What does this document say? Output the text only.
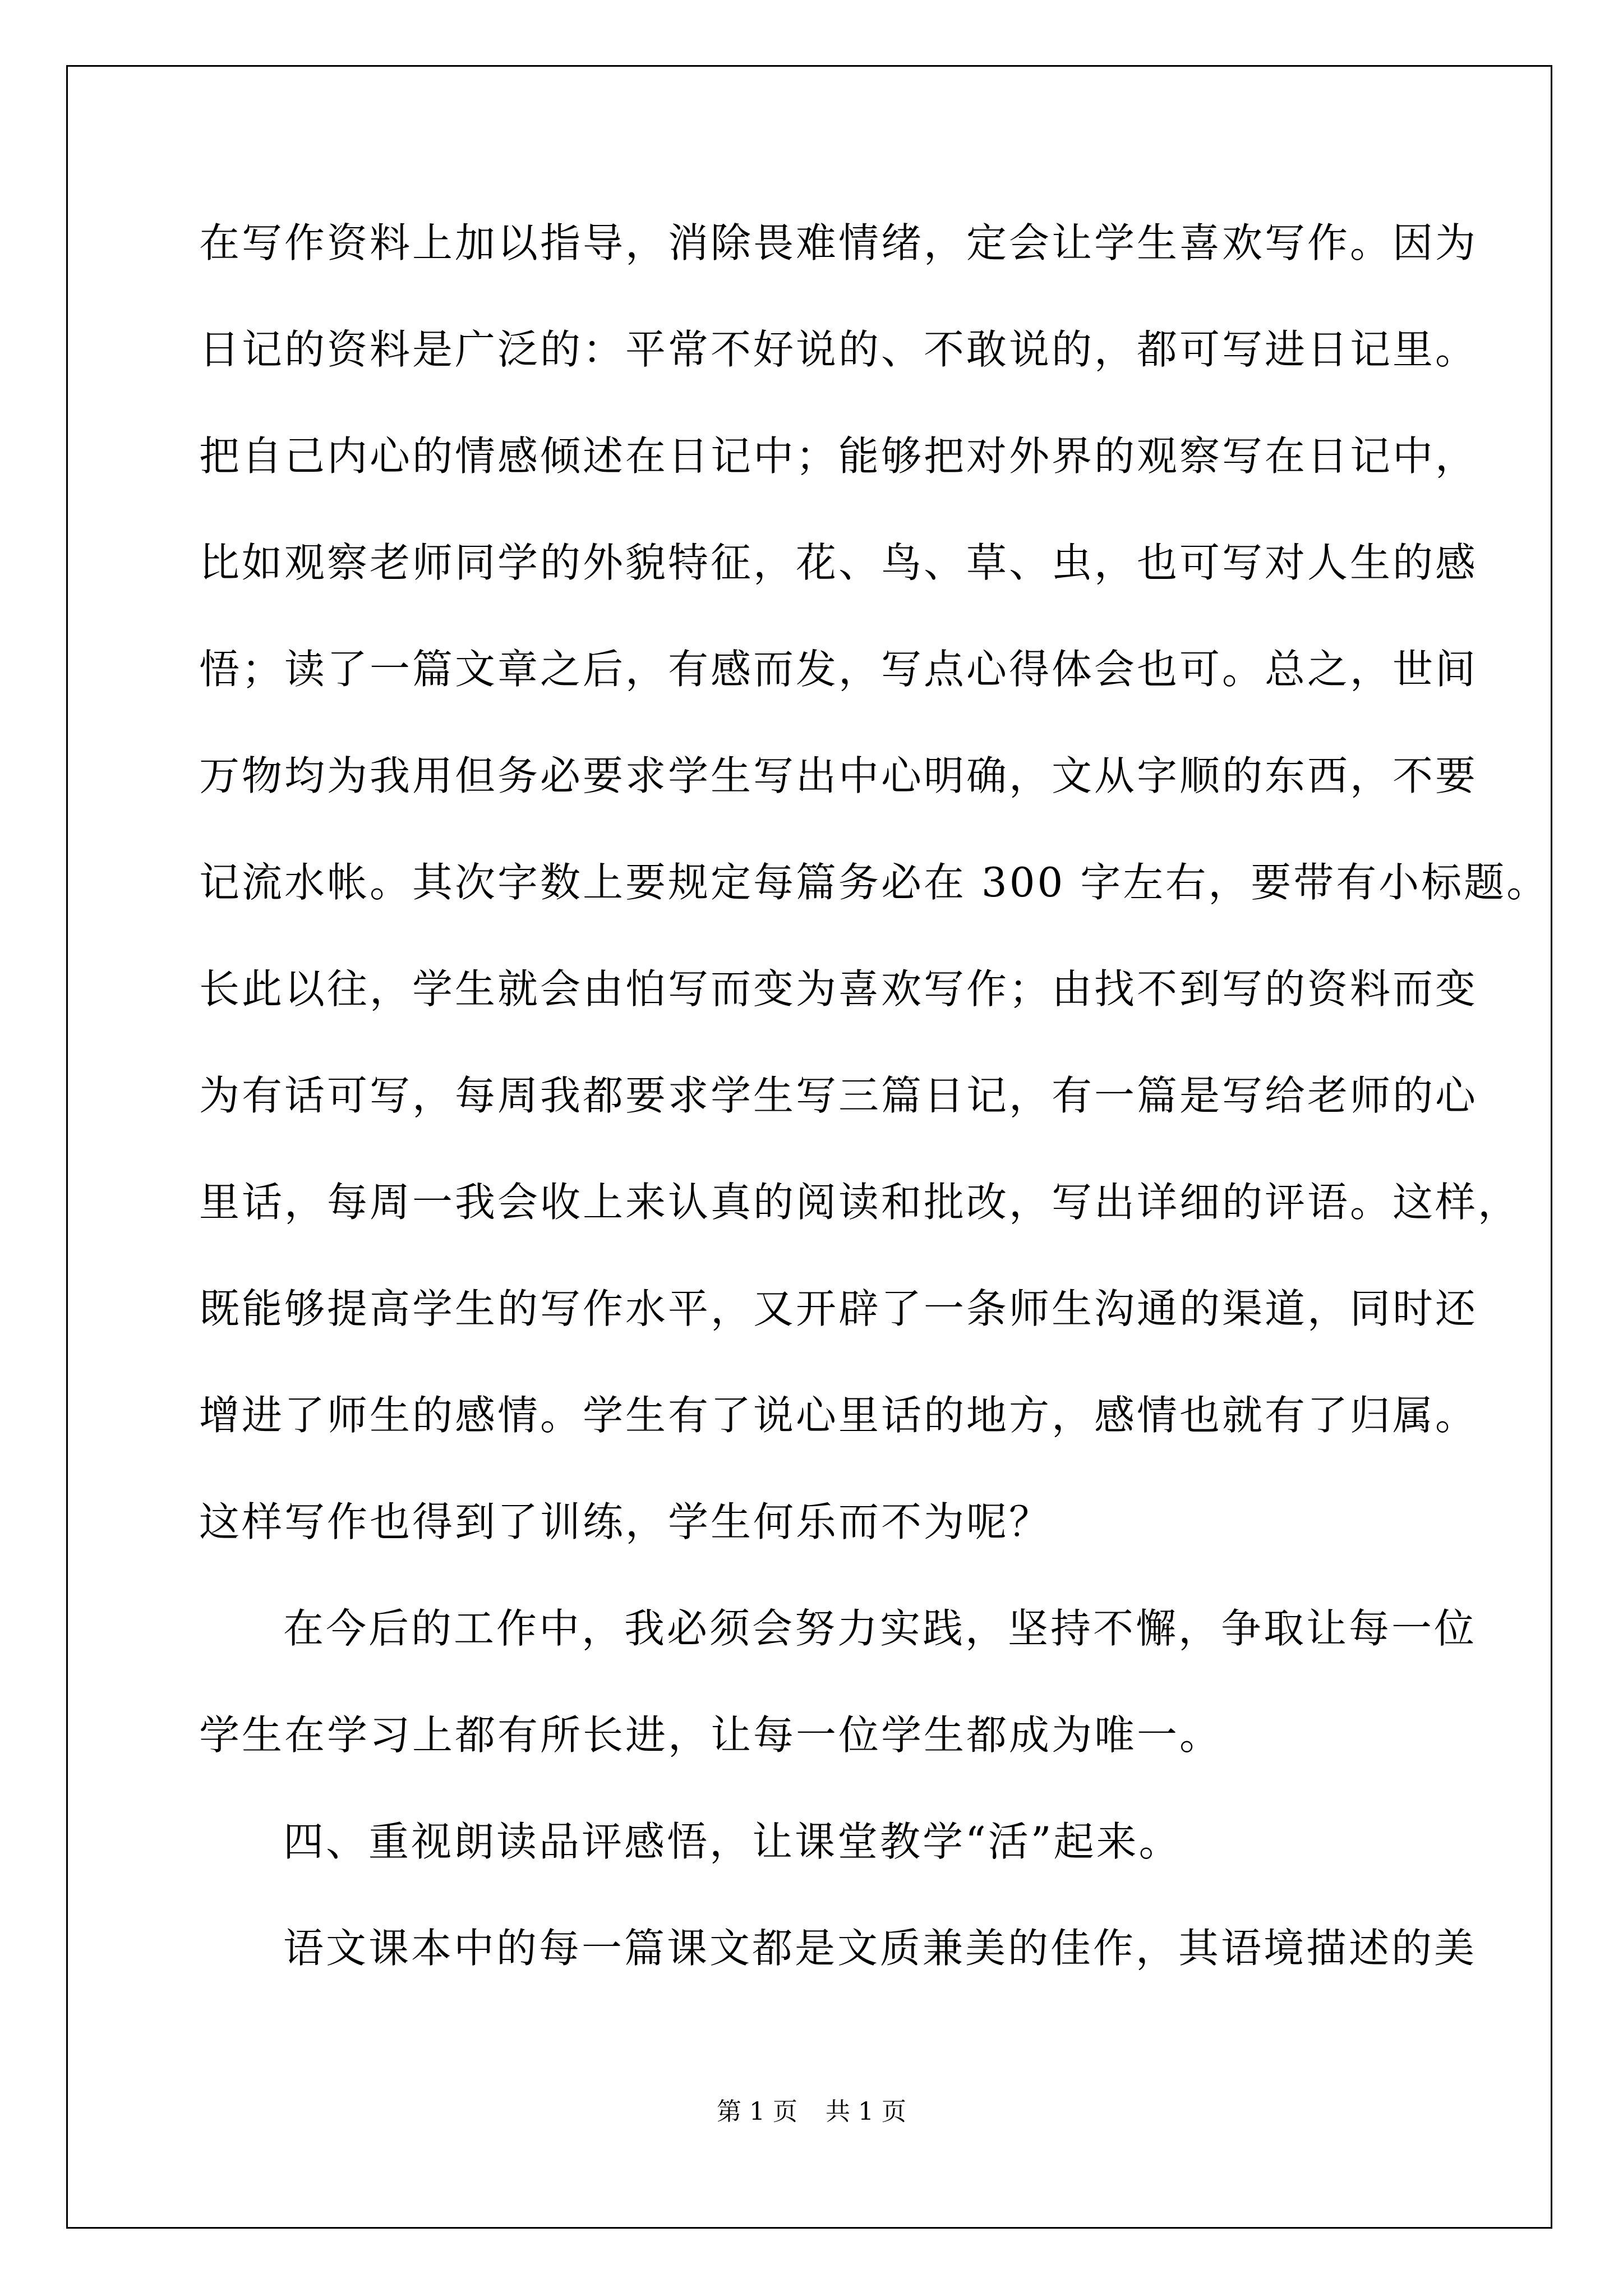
在写作资料上加以指导，消除畏难情绪，定会让学生喜欢写作。因为
日记的资料是广泛的：平常不好说的、不敢说的，都可写进日记里。
把自己内心的情感倾述在日记中；能够把对外界的观察写在日记中，
比如观察老师同学的外貌特征，花、鸟、草、虫，也可写对人生的感
悟；读了一篇文章之后，有感而发，写点心得体会也可。总之，世间
万物均为我用但务必要求学生写出中心明确，文从字顺的东西，不要
记流水帐。其次字数上要规定每篇务必在 300 字左右，要带有小标题。
长此以往，学生就会由怕写而变为喜欢写作；由找不到写的资料而变
为有话可写，每周我都要求学生写三篇日记，有一篇是写给老师的心
里话，每周一我会收上来认真的阅读和批改，写出详细的评语。这样，
既能够提高学生的写作水平，又开辟了一条师生沟通的渠道，同时还
增进了师生的感情。学生有了说心里话的地方，感情也就有了归属。
这样写作也得到了训练，学生何乐而不为呢？
在今后的工作中，我必须会努力实践，坚持不懈，争取让每一位
学生在学习上都有所长进，让每一位学生都成为唯一。
四、重视朗读品评感悟，让课堂教学“活”起来。
语文课本中的每一篇课文都是文质兼美的佳作，其语境描述的美
第 1 页 共 1 页
